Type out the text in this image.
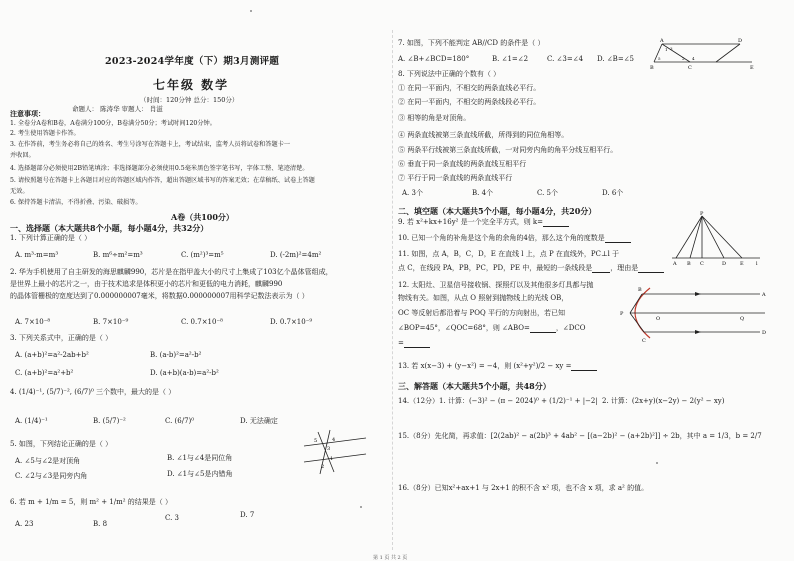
2023-2024学年度（下）期3月测评题
七年级 数学
（时间：120分钟 总分：150分）
命题人： 陈涛华 审题人： 肖滋
注意事项：
1. 全卷分A卷和B卷，A卷满分100分，B卷满分50分；考试时间120分钟。
2. 考生使用答题卡作答。
3. 在作答前，考生务必将自己的姓名、考生号涂写在答题卡上，考试结束，监考人员将试卷和答题卡一
并收回。
4. 选择题部分必须使用2B铅笔填涂；非选择题部分必须使用0.5毫米黑色签字笔书写，字体工整、笔迹清楚。
5. 请按照题号在答题卡上各题目对应的答题区域内作答，超出答题区域书写的答案无效；在草稿纸、试卷上答题
无效。
6. 保持答题卡清洁，不得折叠、污染、破损等。
A卷（共100分）
一、选择题（本大题共8个小题，每小题4分，共32分）
1. 下列计算正确的是（ ）
A. m³·m=m³	B. m⁶÷m²=m³	C. (m²)³=m⁵	D. (-2m)²=4m²
2. 华为手机使用了自主研发的海思麒麟990，芯片是在指甲盖大小的尺寸上集成了103亿个晶体管组成，
是世界上最小的芯片之一，由于技术追求是体积更小的芯片和更低的电力消耗，麒麟990
的晶体管栅极的宽度达到了0.000000007毫米，将数据0.000000007用科学记数法表示为（ ）
A. 7×10⁻⁸	B. 7×10⁻⁹	C. 0.7×10⁻⁸	D. 0.7×10⁻⁹
3. 下列关系式中，正确的是（ ）
A. (a+b)²=a²-2ab+b²	B. (a-b)²=a²-b²
C. (a+b)²=a²+b²	D. (a+b)(a-b)=a²-b²
4. (1/4)⁻¹, (5/7)⁻², (6/7)⁰ 三个数中，最大的是（ ）
A. (1/4)⁻¹	B. (5/7)⁻²	C. (6/7)⁰	D. 无法确定
5. 如图，下列结论正确的是（ ）
A. ∠5与∠2是对顶角	B. ∠1与∠4是同位角
C. ∠2与∠3是同旁内角	D. ∠1与∠5是内错角
5	4
3
1
2
6. 若 m + 1/m = 5，则 m² + 1/m² 的结果是（ ）
A. 23	B. 8
C. 3	D. 7
7. 如图，下列不能判定 AB//CD 的条件是（ ）
A. ∠B+∠BCD=180°	B. ∠1=∠2	C. ∠3=∠4 D. ∠B=∠5
A
B	C
D
E
1
2
3
4
5
8. 下列说法中正确的个数有（ ）
① 在同一平面内，不相交的两条直线必平行。
② 在同一平面内，不相交的两条线段必平行。
③ 相等的角是对顶角。
④ 两条直线被第三条直线所截，所得到的同位角相等。
⑤ 两条平行线被第三条直线所截，一对同旁内角的角平分线互相平行。
⑥ 垂直于同一条直线的两条直线互相平行
⑦ 平行于同一条直线的两条直线平行
A. 3个	B. 4个	C. 5个	D. 6个
二、填空题（本大题共5个小题，每小题4分，共20分）
9. 若 x²+kx+16y² 是一个完全平方式，则 k=
10. 已知一个角的补角是这个角的余角的4倍，那么这个角的度数是
11. 如图，点 A，B，C，D，E 在直线 l 上，点 P 在直线外，PC⊥l 于
点 C，在线段 PA，PB，PC，PD，PE 中，最短的一条线段是	，理由是
P
A B C	D	E l
12. 太阳灶、卫星信号接收锅、探照灯以及其他很多灯具都与抛
物线有关。如图，从点 O 照射到抛物线上的光线 OB，
OC 等反射后都沿着与 POQ 平行的方向射出，若已知
∠BOP=45°，∠QOC=68°，则 ∠ABO=	，∠DCO
=
A
B
C
D
P
O	Q
13. 若 x(x−3) + (y−x²) = −4，则 (x²+y²)/2 − xy =
三、解答题（本大题共5个小题，共48分）
14.（12分）1. 计算：(−3)² − (π − 2024)⁰ + (1/2)⁻¹ + |−2| 2. 计算：(2x+y)(x−2y) − 2(y² − xy)
15.（8分）先化简，再求值：[2(2ab)² − a(2b)³ + 4ab² − [(a−2b)² − (a+2b)²]] ÷ 2b，其中 a = 1/3，b = 2/7
16.（8分）已知x²+ax+1 与 2x+1 的积不含 x² 项，也不含 x 项，求 a² 的值。
第 1 页 共 2 页
